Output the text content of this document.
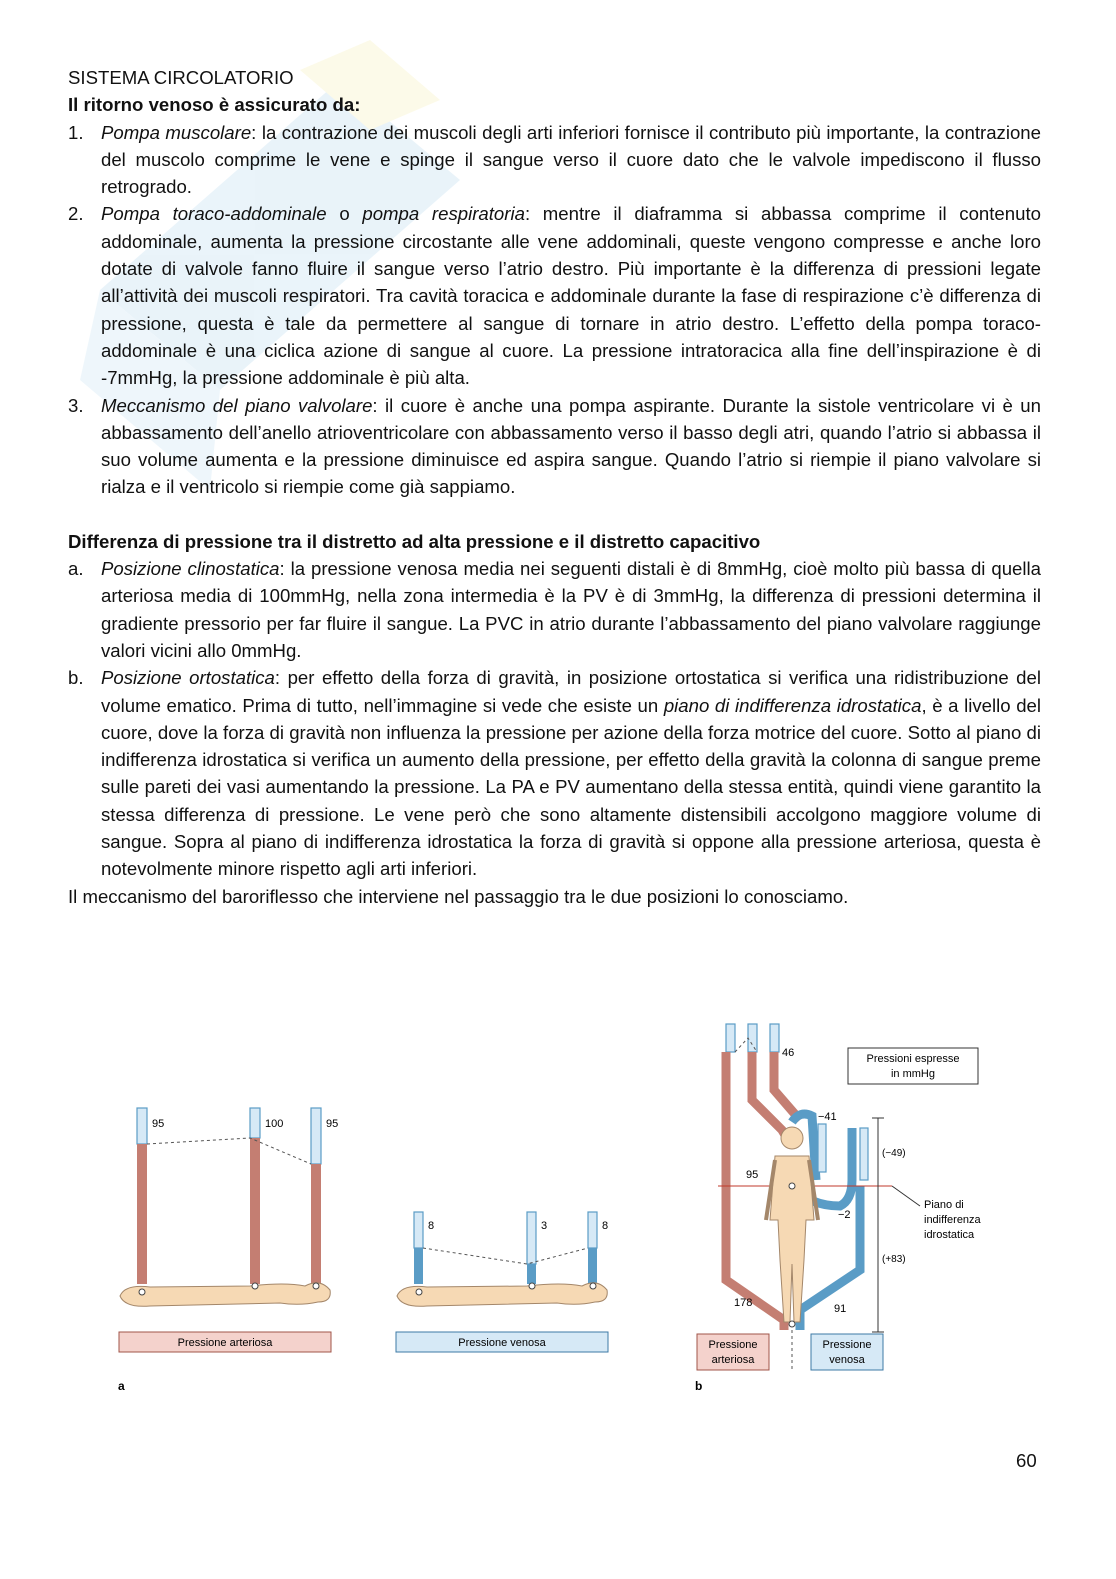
SISTEMA CIRCOLATORIO

Il ritorno venoso è assicurato da:

1. Pompa muscolare: la contrazione dei muscoli degli arti inferiori fornisce il contributo più importante, la contrazione del muscolo comprime le vene e spinge il sangue verso il cuore dato che le valvole impediscono il flusso retrogrado.
2. Pompa toraco-addominale o pompa respiratoria: mentre il diaframma si abbassa comprime il contenuto addominale, aumenta la pressione circostante alle vene addominali, queste vengono compresse e anche loro dotate di valvole fanno fluire il sangue verso l’atrio destro. Più importante è la differenza di pressioni legate all’attività dei muscoli respiratori. Tra cavità toracica e addominale durante la fase di respirazione c’è differenza di pressione, questa è tale da permettere al sangue di tornare in atrio destro. L’effetto della pompa toraco-addominale è una ciclica azione di sangue al cuore. La pressione intratoracica alla fine dell’inspirazione è di -7mmHg, la pressione addominale è più alta.
3. Meccanismo del piano valvolare: il cuore è anche una pompa aspirante. Durante la sistole ventricolare vi è un abbassamento dell’anello atrioventricolare con abbassamento verso il basso degli atri, quando l’atrio si abbassa il suo volume aumenta e la pressione diminuisce ed aspira sangue. Quando l’atrio si riempie il piano valvolare si rialza e il ventricolo si riempie come già sappiamo.

Differenza di pressione tra il distretto ad alta pressione e il distretto capacitivo

a. Posizione clinostatica: la pressione venosa media nei seguenti distali è di 8mmHg, cioè molto più bassa di quella arteriosa media di 100mmHg, nella zona intermedia è la PV è di 3mmHg, la differenza di pressioni determina il gradiente pressorio per far fluire il sangue. La PVC in atrio durante l’abbassamento del piano valvolare raggiunge valori vicini allo 0mmHg.
b. Posizione ortostatica: per effetto della forza di gravità, in posizione ortostatica si verifica una ridistribuzione del volume ematico. Prima di tutto, nell’immagine si vede che esiste un piano di indifferenza idrostatica, è a livello del cuore, dove la forza di gravità non influenza la pressione per azione della forza motrice del cuore. Sotto al piano di indifferenza idrostatica si verifica un aumento della pressione, per effetto della gravità la colonna di sangue preme sulle pareti dei vasi aumentando la pressione. La PA e PV aumentano della stessa entità, quindi viene garantito la stessa differenza di pressione. Le vene però che sono altamente distensibili accolgono maggiore volume di sangue. Sopra al piano di indifferenza idrostatica la forza di gravità si oppone alla pressione arteriosa, questa è notevolmente minore rispetto agli arti inferiori.

Il meccanismo del baroriflesso che interviene nel passaggio tra le due posizioni lo conosciamo.

95	100	95
Pressione arteriosa
8	3	8
Pressione venosa
a
46
−41
−2
95
178	91
(−49)
(+83)
Pressioni espresse
in mmHg
Piano di
indifferenza
idrostatica
Pressione
arteriosa
Pressione
venosa
b
60
